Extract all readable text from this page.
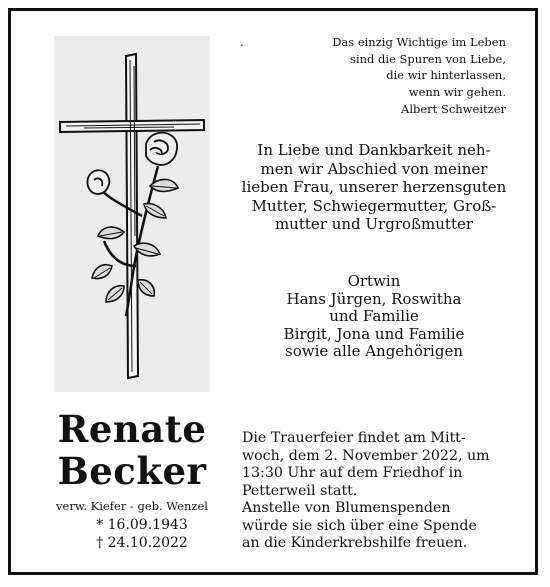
.	Das einzig Wichtige im Leben
sind die Spuren von Liebe,
die wir hinterlassen,
wenn wir gehen.
Albert Schweitzer
In Liebe und Dankbarkeit neh-
men wir Abschied von meiner
lieben Frau, unserer herzensguten
Mutter, Schwiegermutter, Groß-
mutter und Urgroßmutter
Ortwin
Hans Jürgen, Roswitha
und Familie
Birgit, Jona und Familie
sowie alle Angehörigen
Renate
Becker
verw. Kiefer - geb. Wenzel
* 16.09.1943
† 24.10.2022
Die Trauerfeier findet am Mitt-
woch, dem 2. November 2022, um
13:30 Uhr auf dem Friedhof in
Petterweil statt.
Anstelle von Blumenspenden
würde sie sich über eine Spende
an die Kinderkrebshilfe freuen.
